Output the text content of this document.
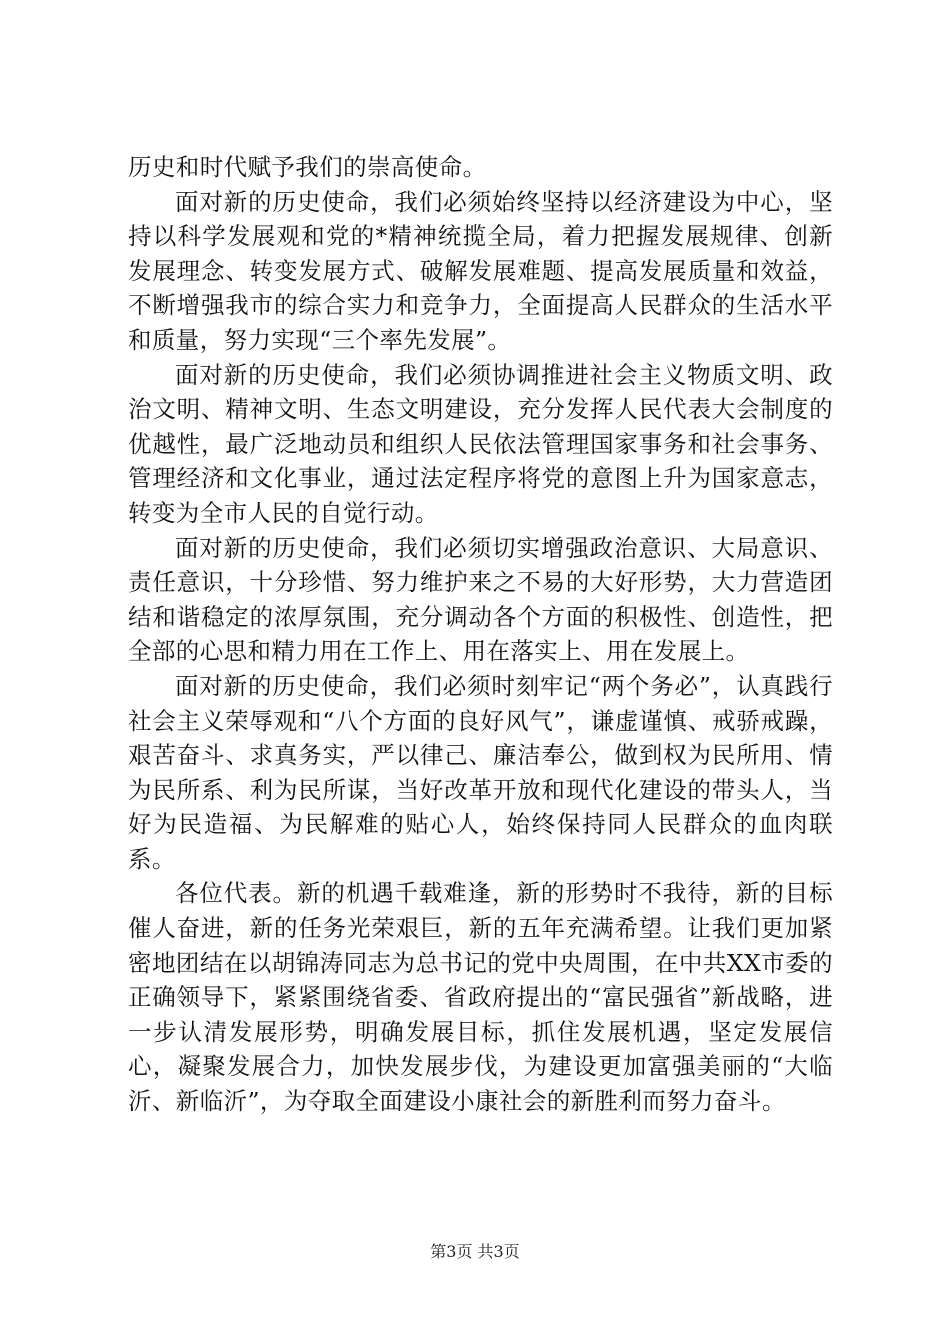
历史和时代赋予我们的崇高使命。

面对新的历史使命，我们必须始终坚持以经济建设为中心，坚持以科学发展观和党的*精神统揽全局，着力把握发展规律、创新发展理念、转变发展方式、破解发展难题、提高发展质量和效益，不断增强我市的综合实力和竞争力，全面提高人民群众的生活水平和质量，努力实现“三个率先发展”。

面对新的历史使命，我们必须协调推进社会主义物质文明、政治文明、精神文明、生态文明建设，充分发挥人民代表大会制度的优越性，最广泛地动员和组织人民依法管理国家事务和社会事务、管理经济和文化事业，通过法定程序将党的意图上升为国家意志，转变为全市人民的自觉行动。

面对新的历史使命，我们必须切实增强政治意识、大局意识、责任意识，十分珍惜、努力维护来之不易的大好形势，大力营造团结和谐稳定的浓厚氛围，充分调动各个方面的积极性、创造性，把全部的心思和精力用在工作上、用在落实上、用在发展上。

面对新的历史使命，我们必须时刻牢记“两个务必”，认真践行社会主义荣辱观和“八个方面的良好风气”，谦虚谨慎、戒骄戒躁，艰苦奋斗、求真务实，严以律己、廉洁奉公，做到权为民所用、情为民所系、利为民所谋，当好改革开放和现代化建设的带头人，当好为民造福、为民解难的贴心人，始终保持同人民群众的血肉联系。

各位代表。新的机遇千载难逢，新的形势时不我待，新的目标催人奋进，新的任务光荣艰巨，新的五年充满希望。让我们更加紧密地团结在以胡锦涛同志为总书记的党中央周围，在中共XX市委的正确领导下，紧紧围绕省委、省政府提出的“富民强省”新战略，进一步认清发展形势，明确发展目标，抓住发展机遇，坚定发展信心，凝聚发展合力，加快发展步伐，为建设更加富强美丽的“大临沂、新临沂”，为夺取全面建设小康社会的新胜利而努力奋斗。

第3页 共3页
